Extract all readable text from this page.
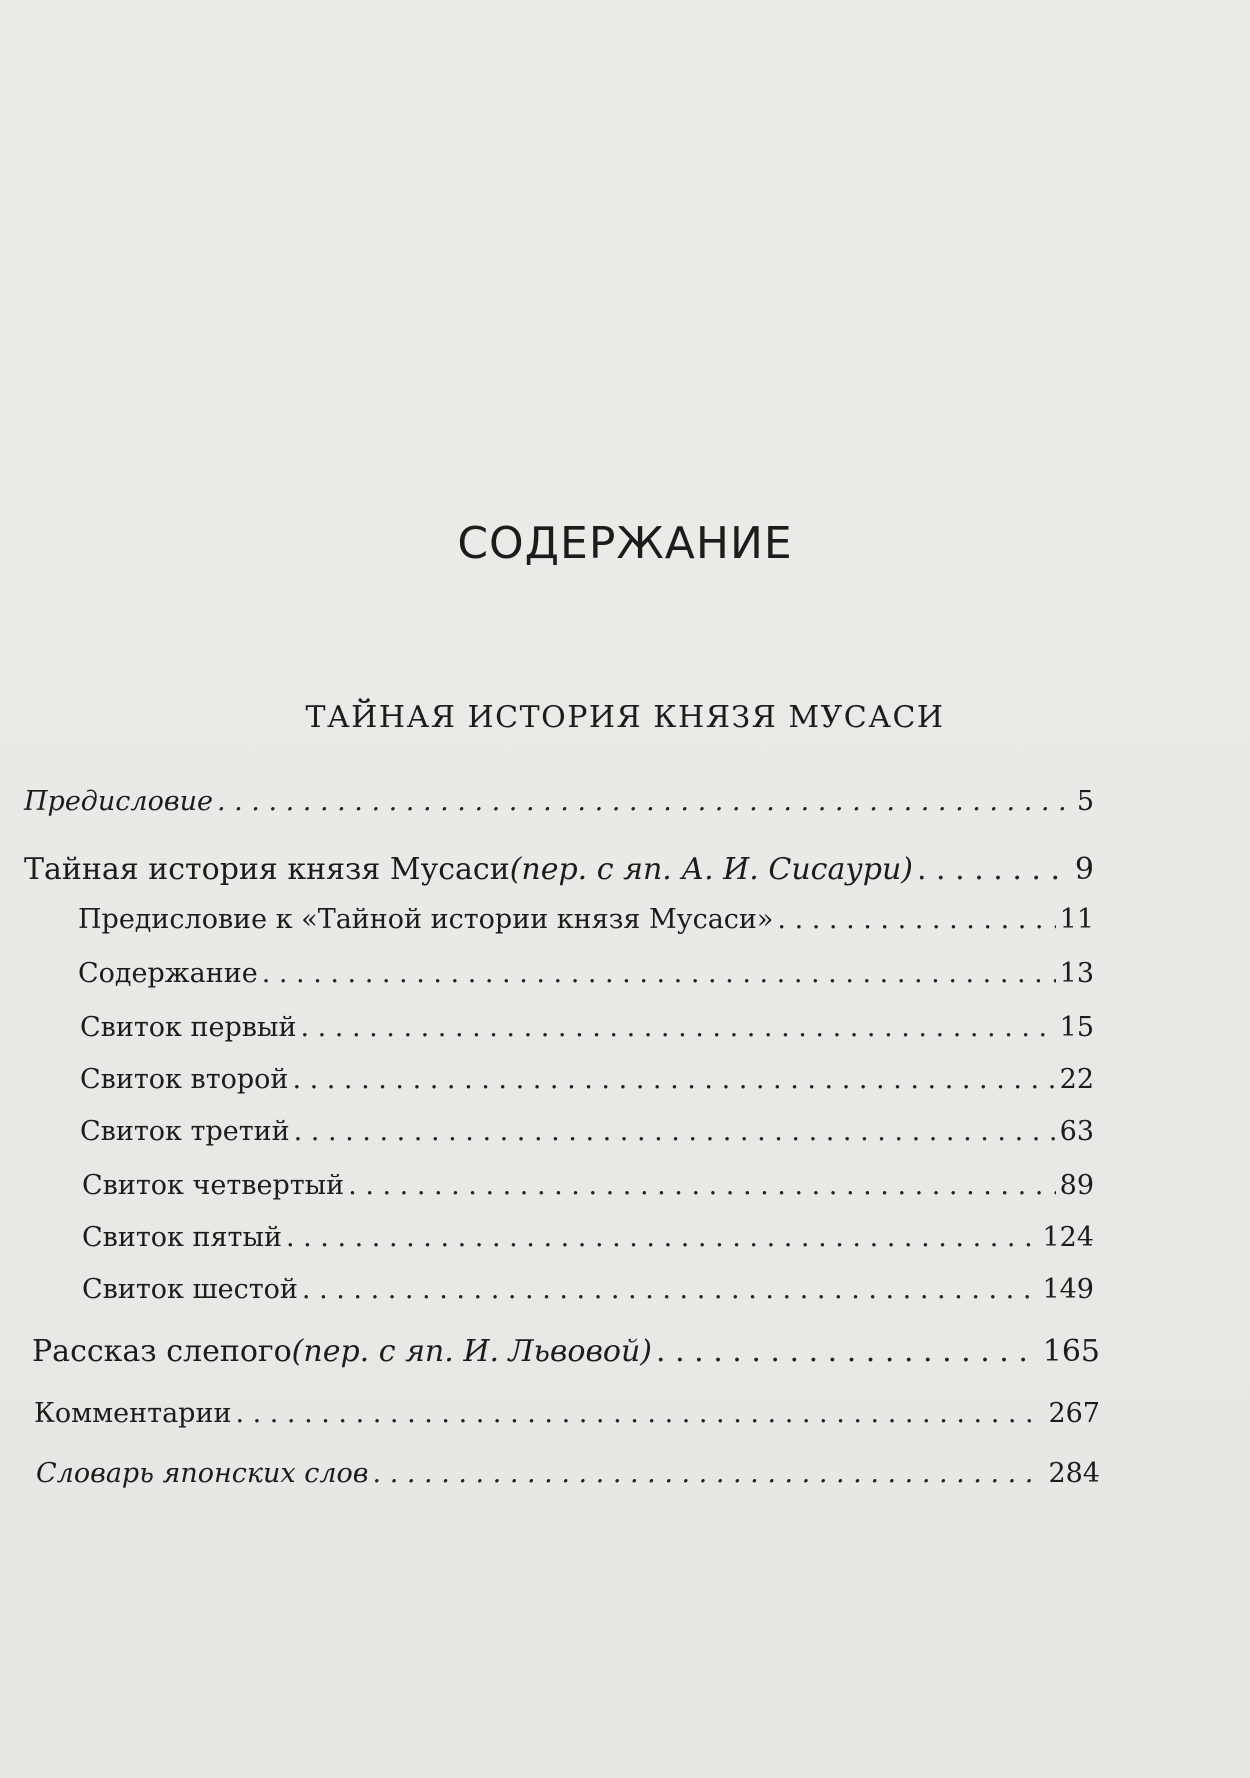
СОДЕРЖАНИЕ
ТАЙНАЯ ИСТОРИЯ КНЯЗЯ МУСАСИ
Предисловие . . .	5
Тайная история князя Мусаси (пер. с яп. А. И. Сисаури) . . .	9
Предисловие к «Тайной истории князя Мусаси» . . .	11
Содержание . . .	13
Свиток первый . . .	15
Свиток второй . . .	22
Свиток третий . . .	63
Свиток четвертый . . .	89
Свиток пятый . . .	124
Свиток шестой . . .	149
Рассказ слепого (пер. с яп. И. Львовой) . . .	165
Комментарии . . .	267
Словарь японских слов . . .	284
